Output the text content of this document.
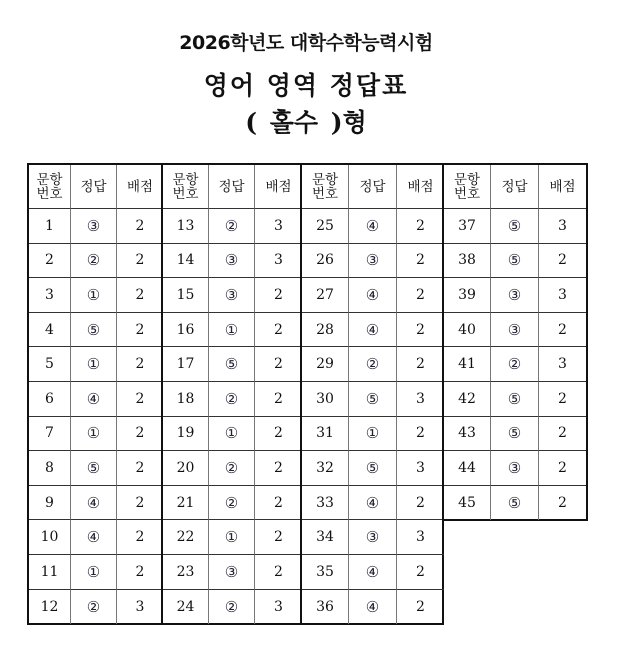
2026학년도 대학수학능력시험
영어 영역 정답표
( 홀수 )형
문항
번호
1
2
3
4
5
6
7
8
9
10
11
12
정답
③
②
①
⑤
①
④
①
⑤
④
④
①
②
배점
2
2
2
2
2
2
2
2
2
2
2
3
문항
번호
13
14
15
16
17
18
19
20
21
22
23
24
정답
②
③
③
①
⑤
②
①
②
②
①
③
②
배점
3
3
2
2
2
2
2
2
2
2
2
3
문항
번호
25
26
27
28
29
30
31
32
33
34
35
36
정답
④
③
④
④
②
⑤
①
⑤
④
③
④
④
배점
2
2
2
2
2
3
2
3
2
3
2
2
문항
번호
37
38
39
40
41
42
43
44
45
정답
⑤
⑤
③
③
②
⑤
⑤
③
⑤
배점
3
2
3
2
3
2
2
2
2
